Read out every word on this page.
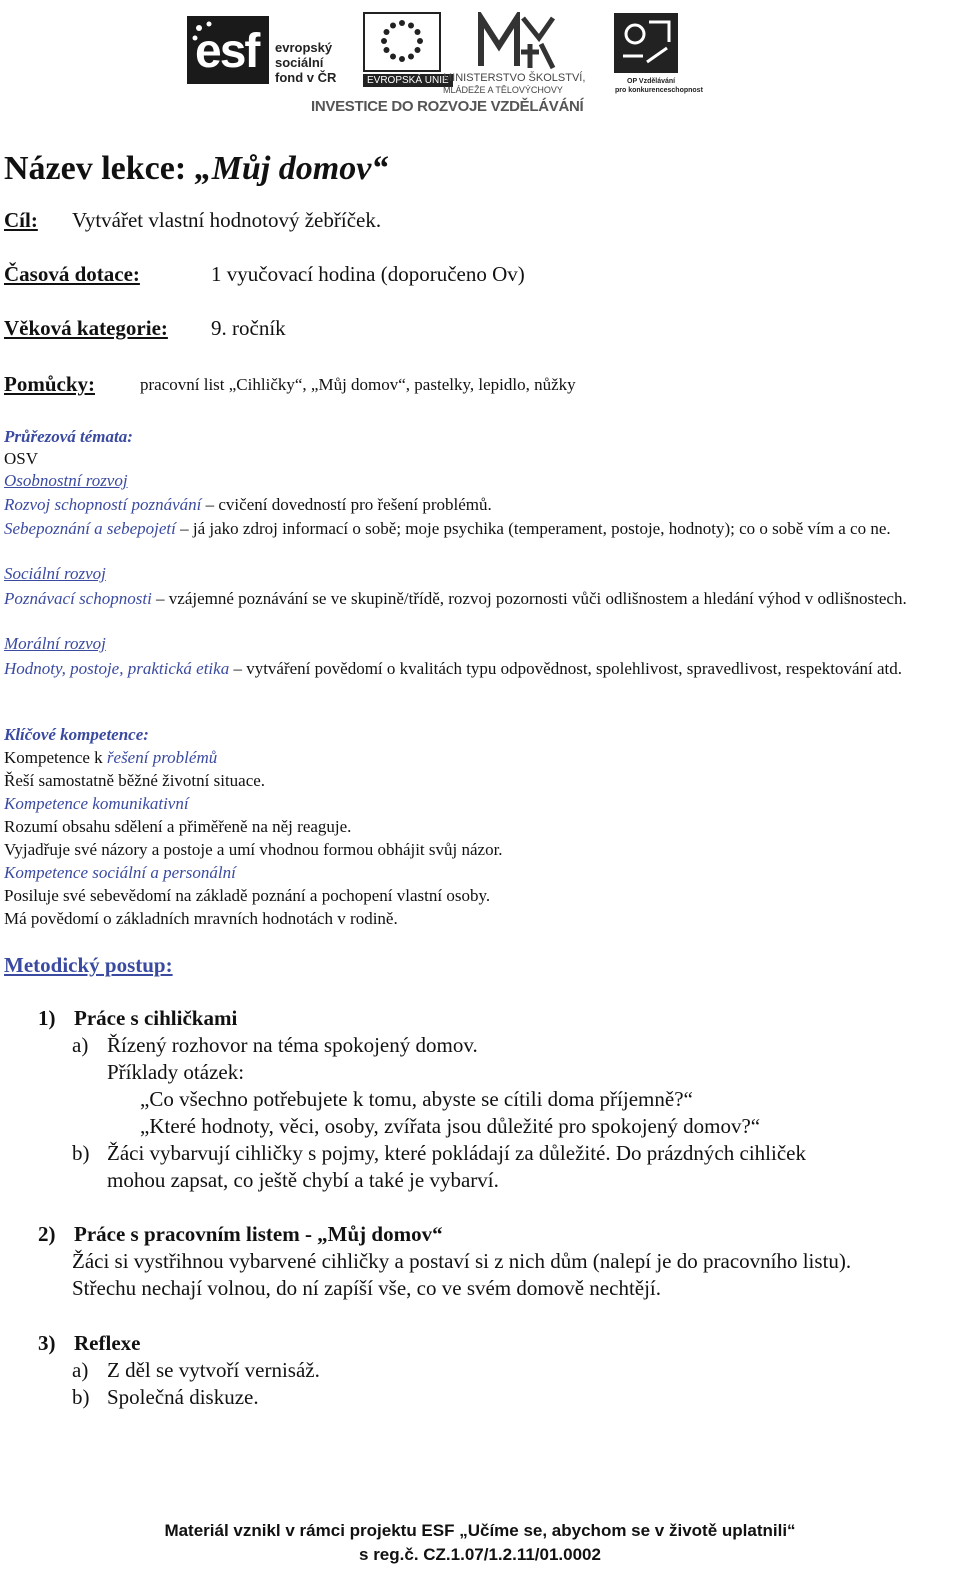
esf evropský
sociální
fond v ČR	EVROPSKÁ UNIE
MINISTERSTVO ŠKOLSTVÍ,
MLÁDEŽE A TĚLOVÝCHOVY
OP Vzdělávání
pro konkurenceschopnost
INVESTICE DO ROZVOJE VZDĚLÁVÁNÍ
Název lekce: „Můj domov“
Cíl: Vytvářet vlastní hodnotový žebříček.
Časová dotace:	1 vyučovací hodina (doporučeno Ov)
Věková kategorie: 9. ročník
Pomůcky:	pracovní list „Cihličky“, „Můj domov“, pastelky, lepidlo, nůžky
Průřezová témata:
OSV
Osobnostní rozvoj
Rozvoj schopností poznávání – cvičení dovedností pro řešení problémů.
Sebepoznání a sebepojetí – já jako zdroj informací o sobě; moje psychika (temperament, postoje, hodnoty); co o sobě vím a co ne.
Sociální rozvoj
Poznávací schopnosti – vzájemné poznávání se ve skupině/třídě, rozvoj pozornosti vůči odlišnostem a hledání výhod v odlišnostech.
Morální rozvoj
Hodnoty, postoje, praktická etika – vytváření povědomí o kvalitách typu odpovědnost, spolehlivost, spravedlivost, respektování atd.
Klíčové kompetence:
Kompetence k řešení problémů
Řeší samostatně běžné životní situace.
Kompetence komunikativní
Rozumí obsahu sdělení a přiměřeně na něj reaguje.
Vyjadřuje své názory a postoje a umí vhodnou formou obhájit svůj názor.
Kompetence sociální a personální
Posiluje své sebevědomí na základě poznání a pochopení vlastní osoby.
Má povědomí o základních mravních hodnotách v rodině.
Metodický postup:
1) Práce s cihličkami
a) Řízený rozhovor na téma spokojený domov.
Příklady otázek:
„Co všechno potřebujete k tomu, abyste se cítili doma příjemně?“
„Které hodnoty, věci, osoby, zvířata jsou důležité pro spokojený domov?“
b) Žáci vybarvují cihličky s pojmy, které pokládají za důležité. Do prázdných cihliček
mohou zapsat, co ještě chybí a také je vybarví.
2) Práce s pracovním listem - „Můj domov“
Žáci si vystřihnou vybarvené cihličky a postaví si z nich dům (nalepí je do pracovního listu).
Střechu nechají volnou, do ní zapíší vše, co ve svém domově nechtějí.
3) Reflexe
a) Z děl se vytvoří vernisáž.
b) Společná diskuze.
Materiál vznikl v rámci projektu ESF „Učíme se, abychom se v životě uplatnili“
s reg.č. CZ.1.07/1.2.11/01.0002
